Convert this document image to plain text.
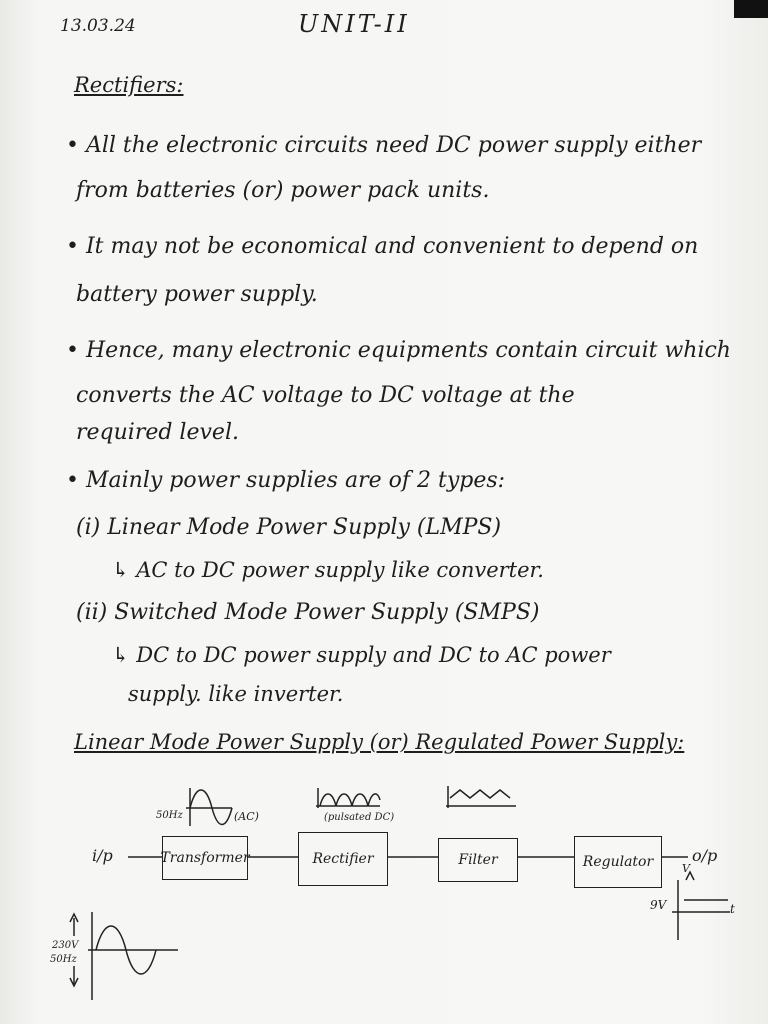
13.03.24	UNIT-II
Rectifiers:
• All the electronic circuits need DC power supply either
from batteries (or) power pack units.
• It may not be economical and convenient to depend on
battery power supply.
• Hence, many electronic equipments contain circuit which
converts the AC voltage to DC voltage at the
required level.
• Mainly power supplies are of 2 types:
(i) Linear Mode Power Supply (LMPS)
↳ AC to DC power supply like converter.
(ii) Switched Mode Power Supply (SMPS)
↳ DC to DC power supply and DC to AC power
supply. like inverter.
Linear Mode Power Supply (or) Regulated Power Supply:
i/p	o/p
Transformer	Rectifier	Filter	Regulator
(AC)
50Hz	(pulsated DC)
9V	t
V
230V
50Hz
